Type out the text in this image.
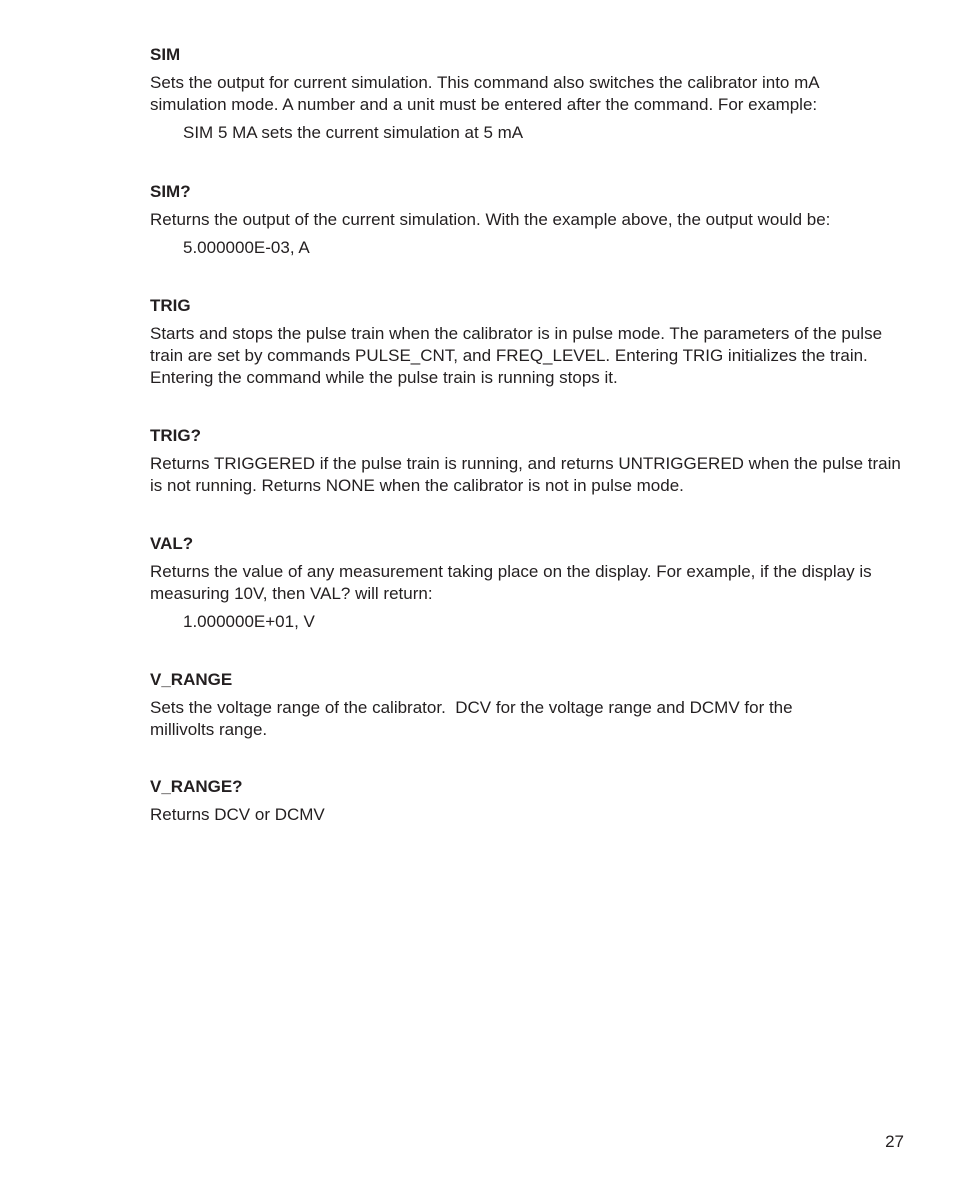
SIM

Sets the output for current simulation. This command also switches the calibrator into mA simulation mode. A number and a unit must be entered after the command. For example:

SIM 5 MA sets the current simulation at 5 mA

SIM?

Returns the output of the current simulation. With the example above, the output would be:

5.000000E-03, A

TRIG

Starts and stops the pulse train when the calibrator is in pulse mode. The parameters of the pulse train are set by commands PULSE_CNT, and FREQ_LEVEL. Entering TRIG initializes the train. Entering the command while the pulse train is running stops it.

TRIG?

Returns TRIGGERED if the pulse train is running, and returns UNTRIGGERED when the pulse train is not running. Returns NONE when the calibrator is not in pulse mode.

VAL?

Returns the value of any measurement taking place on the display. For example, if the display is measuring 10V, then VAL? will return:

1.000000E+01, V

V_RANGE

Sets the voltage range of the calibrator.  DCV for the voltage range and DCMV for the millivolts range.

V_RANGE?

Returns DCV or DCMV

27
